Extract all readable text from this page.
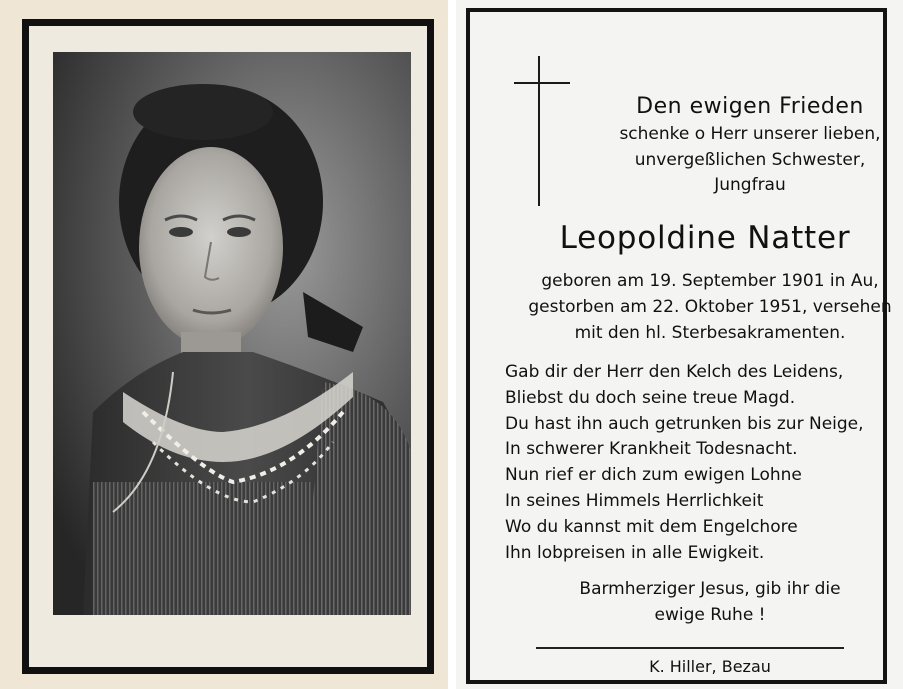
Den ewigen Frieden
schenke o Herr unserer lieben,
unvergeßlichen Schwester,
Jungfrau
Leopoldine Natter
geboren am 19. September 1901 in Au,
gestorben am 22. Oktober 1951, versehen
mit den hl. Sterbesakramenten.
Gab dir der Herr den Kelch des Leidens,
Bliebst du doch seine treue Magd.
Du hast ihn auch getrunken bis zur Neige,
In schwerer Krankheit Todesnacht.
Nun rief er dich zum ewigen Lohne
In seines Himmels Herrlichkeit
Wo du kannst mit dem Engelchore
Ihn lobpreisen in alle Ewigkeit.
Barmherziger Jesus, gib ihr die
ewige Ruhe !
K. Hiller, Bezau
